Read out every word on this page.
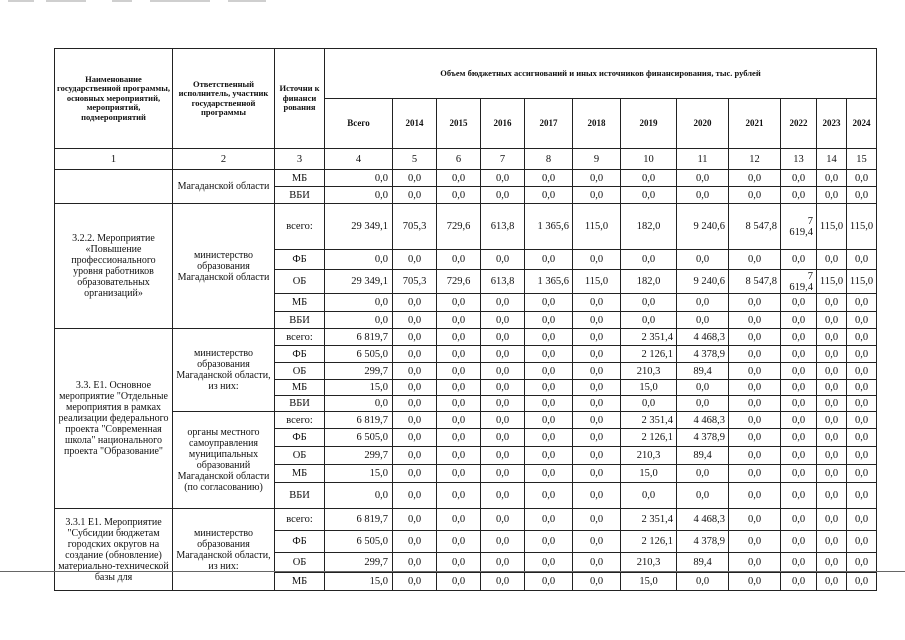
Наименование государственной программы, основных мероприятий, мероприятий, подмероприятий	Ответственный исполнитель, участник государственной программы	Источни к финанси рования	Объем бюджетных ассигнований и иных источников финансирования, тыс. рублей											
			Всего	2014	2015	2016	2017	2018	2019	2020	2021	2022	2023	2024
1	2	3	4	5	6	7	8	9	10	11	12	13	14	15
	Магаданской области	МБ	0,0	0,0	0,0	0,0	0,0	0,0	0,0	0,0	0,0	0,0	0,0	0,0
		ВБИ	0,0	0,0	0,0	0,0	0,0	0,0	0,0	0,0	0,0	0,0	0,0	0,0
3.2.2. Мероприятие «Повышение профессионального уровня работников образовательных организаций»	министерство образования Магаданской области	всего:	29 349,1	705,3	729,6	613,8	1 365,6	115,0	182,0	9 240,6	8 547,8	7 619,4	115,0	115,0
		ФБ	0,0	0,0	0,0	0,0	0,0	0,0	0,0	0,0	0,0	0,0	0,0	0,0
		ОБ	29 349,1	705,3	729,6	613,8	1 365,6	115,0	182,0	9 240,6	8 547,8	7 619,4	115,0	115,0
		МБ	0,0	0,0	0,0	0,0	0,0	0,0	0,0	0,0	0,0	0,0	0,0	0,0
		ВБИ	0,0	0,0	0,0	0,0	0,0	0,0	0,0	0,0	0,0	0,0	0,0	0,0
3.3. Е1. Основное мероприятие "Отдельные мероприятия в рамках реализации федерального проекта "Современная школа" национального проекта "Образование"	министерство образования Магаданской области, из них:	всего:	6 819,7	0,0	0,0	0,0	0,0	0,0	2 351,4	4 468,3	0,0	0,0	0,0	0,0
		ФБ	6 505,0	0,0	0,0	0,0	0,0	0,0	2 126,1	4 378,9	0,0	0,0	0,0	0,0
		ОБ	299,7	0,0	0,0	0,0	0,0	0,0	210,3	89,4	0,0	0,0	0,0	0,0
		МБ	15,0	0,0	0,0	0,0	0,0	0,0	15,0	0,0	0,0	0,0	0,0	0,0
		ВБИ	0,0	0,0	0,0	0,0	0,0	0,0	0,0	0,0	0,0	0,0	0,0	0,0
	органы местного самоуправления муниципальных образований Магаданской области (по согласованию)	всего:	6 819,7	0,0	0,0	0,0	0,0	0,0	2 351,4	4 468,3	0,0	0,0	0,0	0,0
		ФБ	6 505,0	0,0	0,0	0,0	0,0	0,0	2 126,1	4 378,9	0,0	0,0	0,0	0,0
		ОБ	299,7	0,0	0,0	0,0	0,0	0,0	210,3	89,4	0,0	0,0	0,0	0,0
		МБ	15,0	0,0	0,0	0,0	0,0	0,0	15,0	0,0	0,0	0,0	0,0	0,0
		ВБИ	0,0	0,0	0,0	0,0	0,0	0,0	0,0	0,0	0,0	0,0	0,0	0,0
3.3.1 Е1. Мероприятие "Субсидии бюджетам городских округов на создание (обновление) материально-технической базы для	министерство образования Магаданской области, из них:	всего:	6 819,7	0,0	0,0	0,0	0,0	0,0	2 351,4	4 468,3	0,0	0,0	0,0	0,0
		ФБ	6 505,0	0,0	0,0	0,0	0,0	0,0	2 126,1	4 378,9	0,0	0,0	0,0	0,0
		ОБ	299,7	0,0	0,0	0,0	0,0	0,0	210,3	89,4	0,0	0,0	0,0	0,0
		МБ	15,0	0,0	0,0	0,0	0,0	0,0	15,0	0,0	0,0	0,0	0,0	0,0
